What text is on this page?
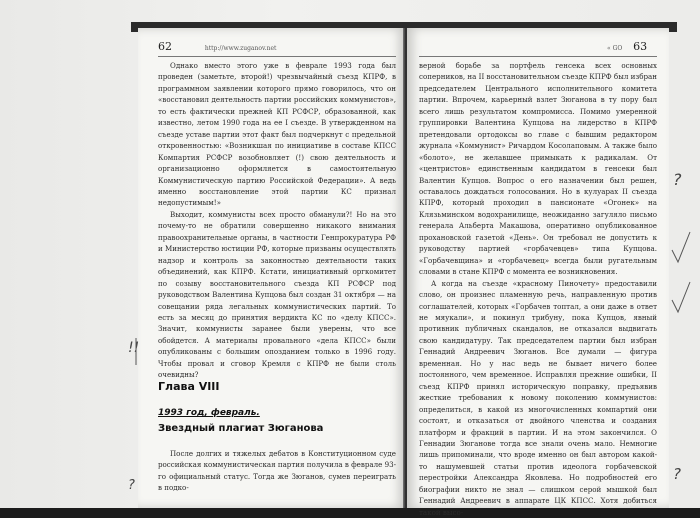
62	http://www.zuganov.net

Однако вместо этого уже в феврале 1993 года был проведен (заметьте, второй!) чрезвычайный съезд КПРФ, в программном заявлении которого прямо говорилось, что он «восстановил деятельность партии российских коммунистов», то есть фактически прежней КП РСФСР, образованной, как известно, летом 1990 года на ее I съезде. В утвержденном на съезде уставе партии этот факт был подчеркнут с предельной откровенностью: «Возникшая по инициативе в составе КПСС Компартия РСФСР возобновляет (!) свою деятельность и организационно оформляется в самостоятельную Коммунистическую партию Российской Федерации». А ведь именно восстановление этой партии КС признал недопустимым!»

Выходит, коммунисты всех просто обманули?! Но на это почему-то не обратили совершенно никакого внимания правоохранительные органы, в частности Генпрокуратура РФ и Министерство юстиции РФ, которые призваны осуществлять надзор и контроль за законностью деятельности таких объединений, как КПРФ. Кстати, инициативный оргкомитет по созыву восстановительного съезда КП РСФСР под руководством Валентина Купцова был создан 31 октября — на совещании ряда легальных коммунистических партий. То есть за месяц до принятия вердикта КС по «делу КПСС». Значит, коммунисты заранее были уверены, что все обойдется. А материалы провального «дела КПСС» были опубликованы с большим опозданием только в 1996 году. Чтобы провал и сговор Кремля с КПРФ не были столь очевидны?

Глава VIII
1993 год, февраль.
Звездный плагиат Зюганова

После долгих и тяжелых дебатов в Конституционном суде российская коммунистическая партия получила в феврале 93-го официальный статус. Тогда же Зюганов, сумев переиграть в подко-

« GO 63

верной борьбе за портфель генсека всех основных соперников, на II восстановительном съезде КПРФ был избран председателем Центрального исполнительного комитета партии. Впрочем, карьерный взлет Зюганова в ту пору был всего лишь результатом компромисса. Помимо умеренной группировки Валентина Купцова на лидерство в КПРФ претендовали ортодоксы во главе с бывшим редактором журнала «Коммунист» Ричардом Косолаповым. А также было «болото», не желавшее примыкать к радикалам. От «центристов» единственным кандидатом в генсеки был Валентин Купцов. Вопрос о его назначении был решен, оставалось дождаться голосования. Но в кулуарах II съезда КПРФ, который проходил в пансионате «Огонек» на Клязьминском водохранилище, неожиданно загуляло письмо генерала Альберта Макашова, оперативно опубликованное прохановской газетой «День». Он требовал не допустить к руководству партией «горбачевцев» типа Купцова. «Горбачевщина» и «горбачевец» всегда были ругательным словами в стане КПРФ с момента ее возникновения.

А когда на съезде «красному Пиночету» предоставили слово, он произнес пламенную речь, направленную против соглашателей, которых «Горбачев топтал, а они даже в ответ не мяукали», и покинул трибуну, пока Купцов, явный противник публичных скандалов, не отказался выдвигать свою кандидатуру. Так председателем партии был избран Геннадий Андреевич Зюганов. Все думали — фигура временная. Но у нас ведь не бывает ничего более постоянного, чем временное. Исправляя прежние ошибки, II съезд КПРФ принял историческую поправку, предъявив жесткие требования к новому поколению коммунистов: определиться, в какой из многочисленных компартий они состоят, и отказаться от двойного членства и создания платформ и фракций в партии. И на этом закончился. О Геннадии Зюганове тогда все знали очень мало. Немногие лишь припоминали, что вроде именно он был автором какой-то нашумевшей статьи против идеолога горбачевской перестройки Александра Яковлева. Но подробностей его биографии никто не знал — слишком серой мышкой был Геннадий Андреевич в аппарате ЦК КПСС. Хотя добиться такой высо-

!!
?
?
?
